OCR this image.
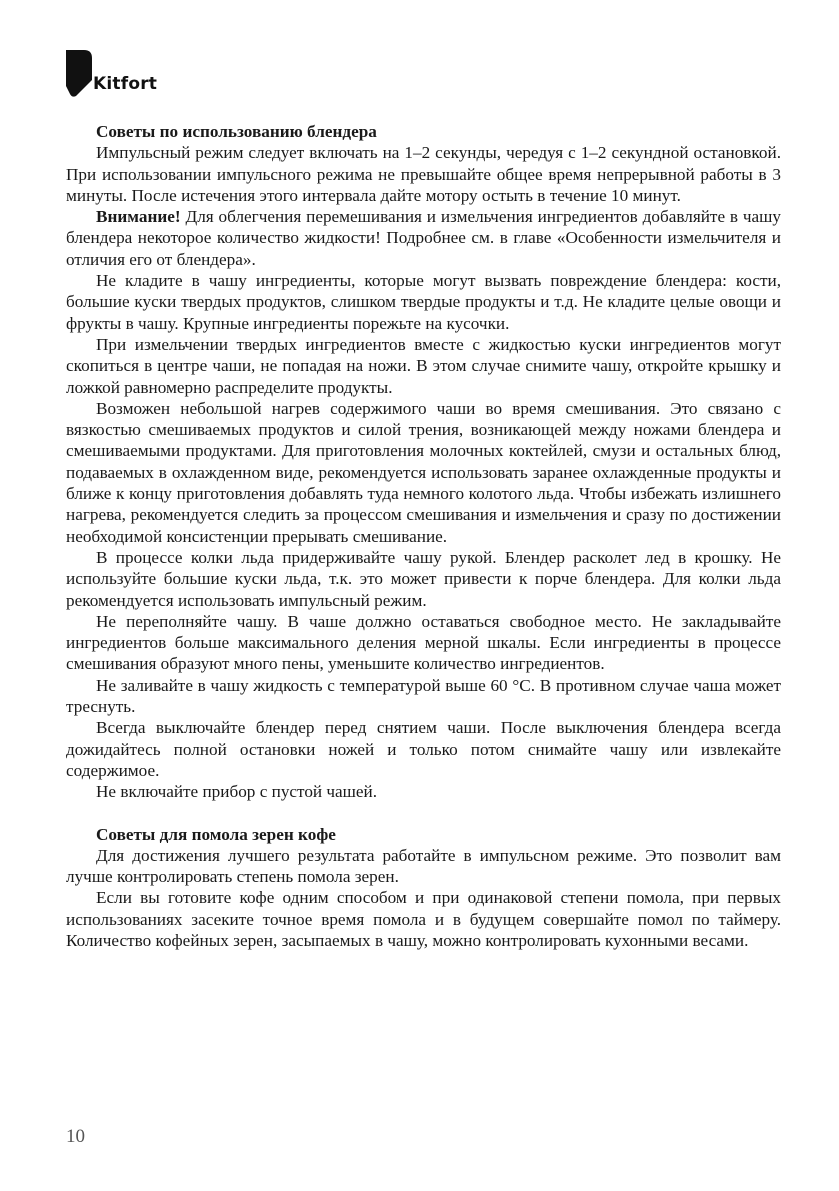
Kitfort

Советы по использованию блендера

Импульсный режим следует включать на 1–2 секунды, чередуя с 1–2 секундной остановкой. При использовании импульсного режима не превышайте общее время непрерывной работы в 3 минуты. После истечения этого интервала дайте мотору остыть в течение 10 минут.

Внимание! Для облегчения перемешивания и измельчения ингредиентов добавляйте в чашу блендера некоторое количество жидкости! Подробнее см. в главе «Особенности измельчителя и отличия его от блендера».

Не кладите в чашу ингредиенты, которые могут вызвать повреждение блендера: кости, большие куски твердых продуктов, слишком твердые продукты и т.д. Не кладите целые овощи и фрукты в чашу. Крупные ингредиенты порежьте на кусочки.

При измельчении твердых ингредиентов вместе с жидкостью куски ингредиентов могут скопиться в центре чаши, не попадая на ножи. В этом случае снимите чашу, откройте крышку и ложкой равномерно распределите продукты.

Возможен небольшой нагрев содержимого чаши во время смешивания. Это связано с вязкостью смешиваемых продуктов и силой трения, возникающей между ножами блендера и смешиваемыми продуктами. Для приготовления молочных коктейлей, смузи и остальных блюд, подаваемых в охлажденном виде, рекомендуется использовать заранее охлажденные продукты и ближе к концу приготовления добавлять туда немного колотого льда. Чтобы избежать излишнего нагрева, рекомендуется следить за процессом смешивания и измельчения и сразу по достижении необходимой консистенции прерывать смешивание.

В процессе колки льда придерживайте чашу рукой. Блендер расколет лед в крошку. Не используйте большие куски льда, т.к. это может привести к порче блендера. Для колки льда рекомендуется использовать импульсный режим.

Не переполняйте чашу. В чаше должно оставаться свободное место. Не закладывайте ингредиентов больше максимального деления мерной шкалы. Если ингредиенты в процессе смешивания образуют много пены, уменьшите количество ингредиентов.

Не заливайте в чашу жидкость с температурой выше 60 °С. В противном случае чаша может треснуть.

Всегда выключайте блендер перед снятием чаши. После выключения блендера всегда дожидайтесь полной остановки ножей и только потом снимайте чашу или извлекайте содержимое.

Не включайте прибор с пустой чашей.

Советы для помола зерен кофе

Для достижения лучшего результата работайте в импульсном режиме. Это позволит вам лучше контролировать степень помола зерен.

Если вы готовите кофе одним способом и при одинаковой степени помола, при первых использованиях засеките точное время помола и в будущем совершайте помол по таймеру. Количество кофейных зерен, засыпаемых в чашу, можно контролировать кухонными весами.

10
